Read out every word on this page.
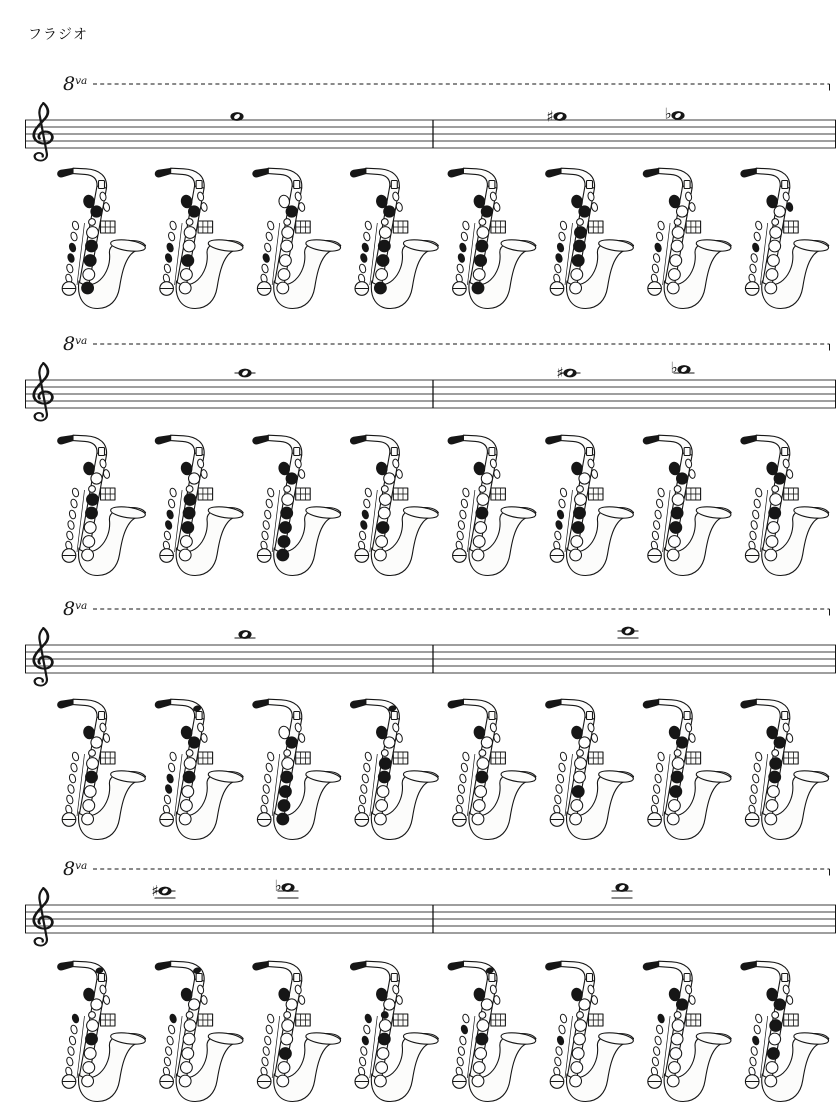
フラジオ
$8^{va}$
♯	♭
$8^{va}$
♯	♭
$8^{va}$
$8^{va}$
♯	♭
